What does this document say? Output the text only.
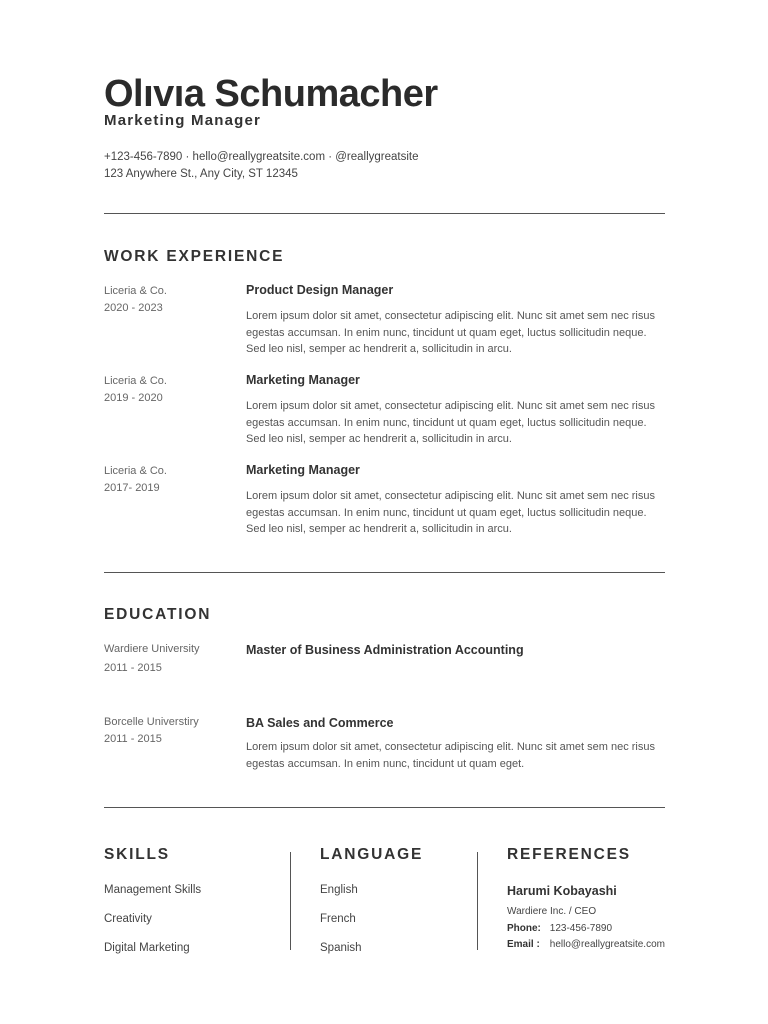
Olıvıa Schumacher
Marketing Manager
+123-456-7890 · hello@reallygreatsite.com · @reallygreatsite
123 Anywhere St., Any City, ST 12345
WORK EXPERIENCE
Liceria & Co.
2020 - 2023
Product Design Manager
Lorem ipsum dolor sit amet, consectetur adipiscing elit. Nunc sit amet sem nec risus egestas accumsan. In enim nunc, tincidunt ut quam eget, luctus sollicitudin neque. Sed leo nisl, semper ac hendrerit a, sollicitudin in arcu.
Liceria & Co.
2019 - 2020
Marketing Manager
Lorem ipsum dolor sit amet, consectetur adipiscing elit. Nunc sit amet sem nec risus egestas accumsan. In enim nunc, tincidunt ut quam eget, luctus sollicitudin neque. Sed leo nisl, semper ac hendrerit a, sollicitudin in arcu.
Liceria & Co.
2017- 2019
Marketing Manager
Lorem ipsum dolor sit amet, consectetur adipiscing elit. Nunc sit amet sem nec risus egestas accumsan. In enim nunc, tincidunt ut quam eget, luctus sollicitudin neque. Sed leo nisl, semper ac hendrerit a, sollicitudin in arcu.
EDUCATION
Wardiere University
2011 - 2015
Master of Business Administration Accounting
Borcelle Universtiry
2011 - 2015
BA Sales and Commerce
Lorem ipsum dolor sit amet, consectetur adipiscing elit. Nunc sit amet sem nec risus egestas accumsan. In enim nunc, tincidunt ut quam eget.
SKILLS
Management Skills
Creativity
Digital Marketing
LANGUAGE
English
French
Spanish
REFERENCES
Harumi Kobayashi
Wardiere Inc. / CEO
Phone: 123-456-7890
Email : hello@reallygreatsite.com
